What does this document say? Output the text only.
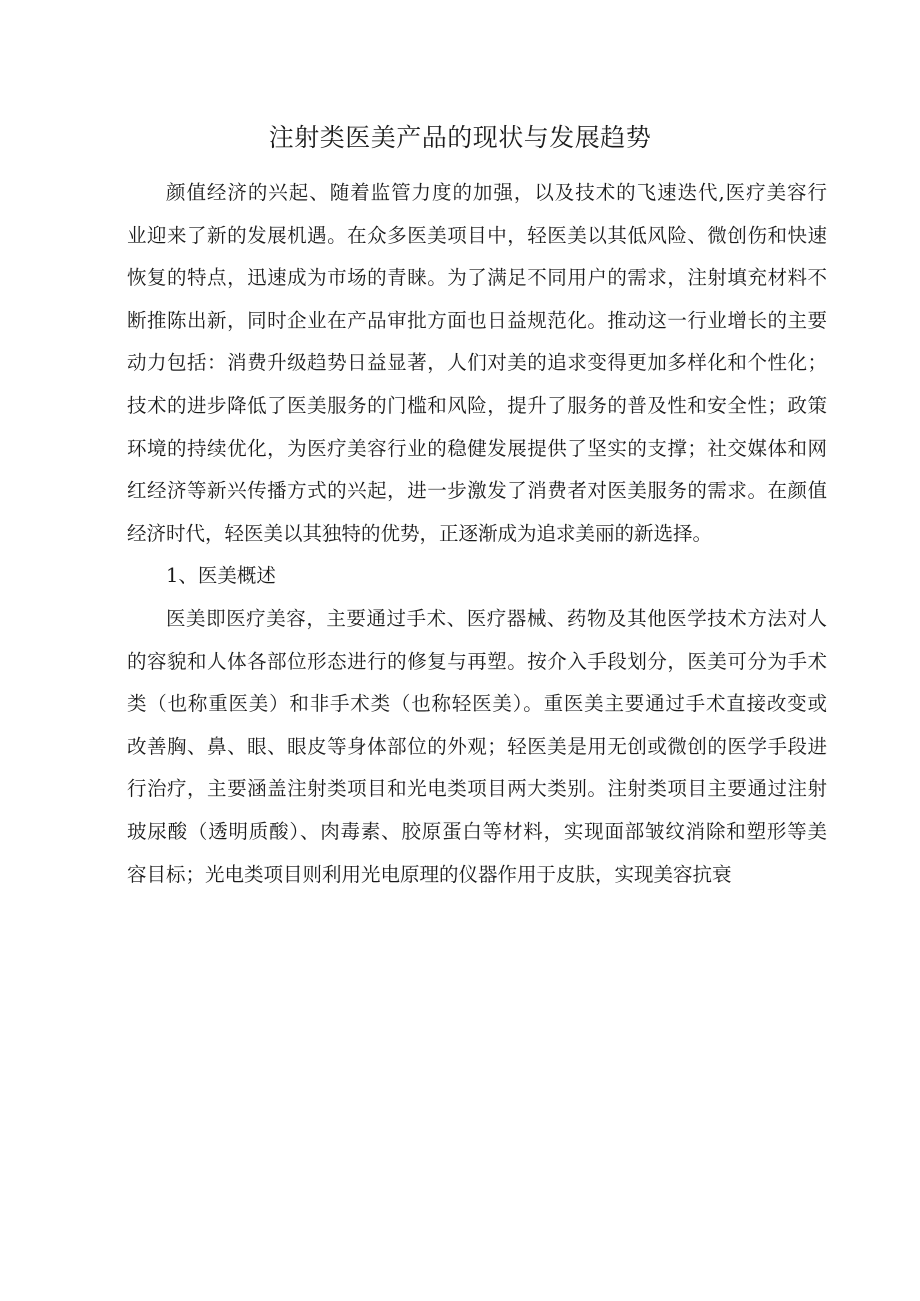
注射类医美产品的现状与发展趋势
颜值经济的兴起、随着监管力度的加强，以及技术的飞速迭代,医疗美容行
业迎来了新的发展机遇。在众多医美项目中，轻医美以其低风险、微创伤和快速
恢复的特点，迅速成为市场的青睐。为了满足不同用户的需求，注射填充材料不
断推陈出新，同时企业在产品审批方面也日益规范化。推动这一行业增长的主要
动力包括：消费升级趋势日益显著，人们对美的追求变得更加多样化和个性化；
技术的进步降低了医美服务的门槛和风险，提升了服务的普及性和安全性；政策
环境的持续优化，为医疗美容行业的稳健发展提供了坚实的支撑；社交媒体和网
红经济等新兴传播方式的兴起，进一步激发了消费者对医美服务的需求。在颜值
经济时代，轻医美以其独特的优势，正逐渐成为追求美丽的新选择。
1、医美概述
医美即医疗美容，主要通过手术、医疗器械、药物及其他医学技术方法对人
的容貌和人体各部位形态进行的修复与再塑。按介入手段划分，医美可分为手术
类（也称重医美）和非手术类（也称轻医美）。重医美主要通过手术直接改变或
改善胸、鼻、眼、眼皮等身体部位的外观；轻医美是用无创或微创的医学手段进
行治疗，主要涵盖注射类项目和光电类项目两大类别。注射类项目主要通过注射
玻尿酸（透明质酸）、肉毒素、胶原蛋白等材料，实现面部皱纹消除和塑形等美
容目标；光电类项目则利用光电原理的仪器作用于皮肤，实现美容抗衰
